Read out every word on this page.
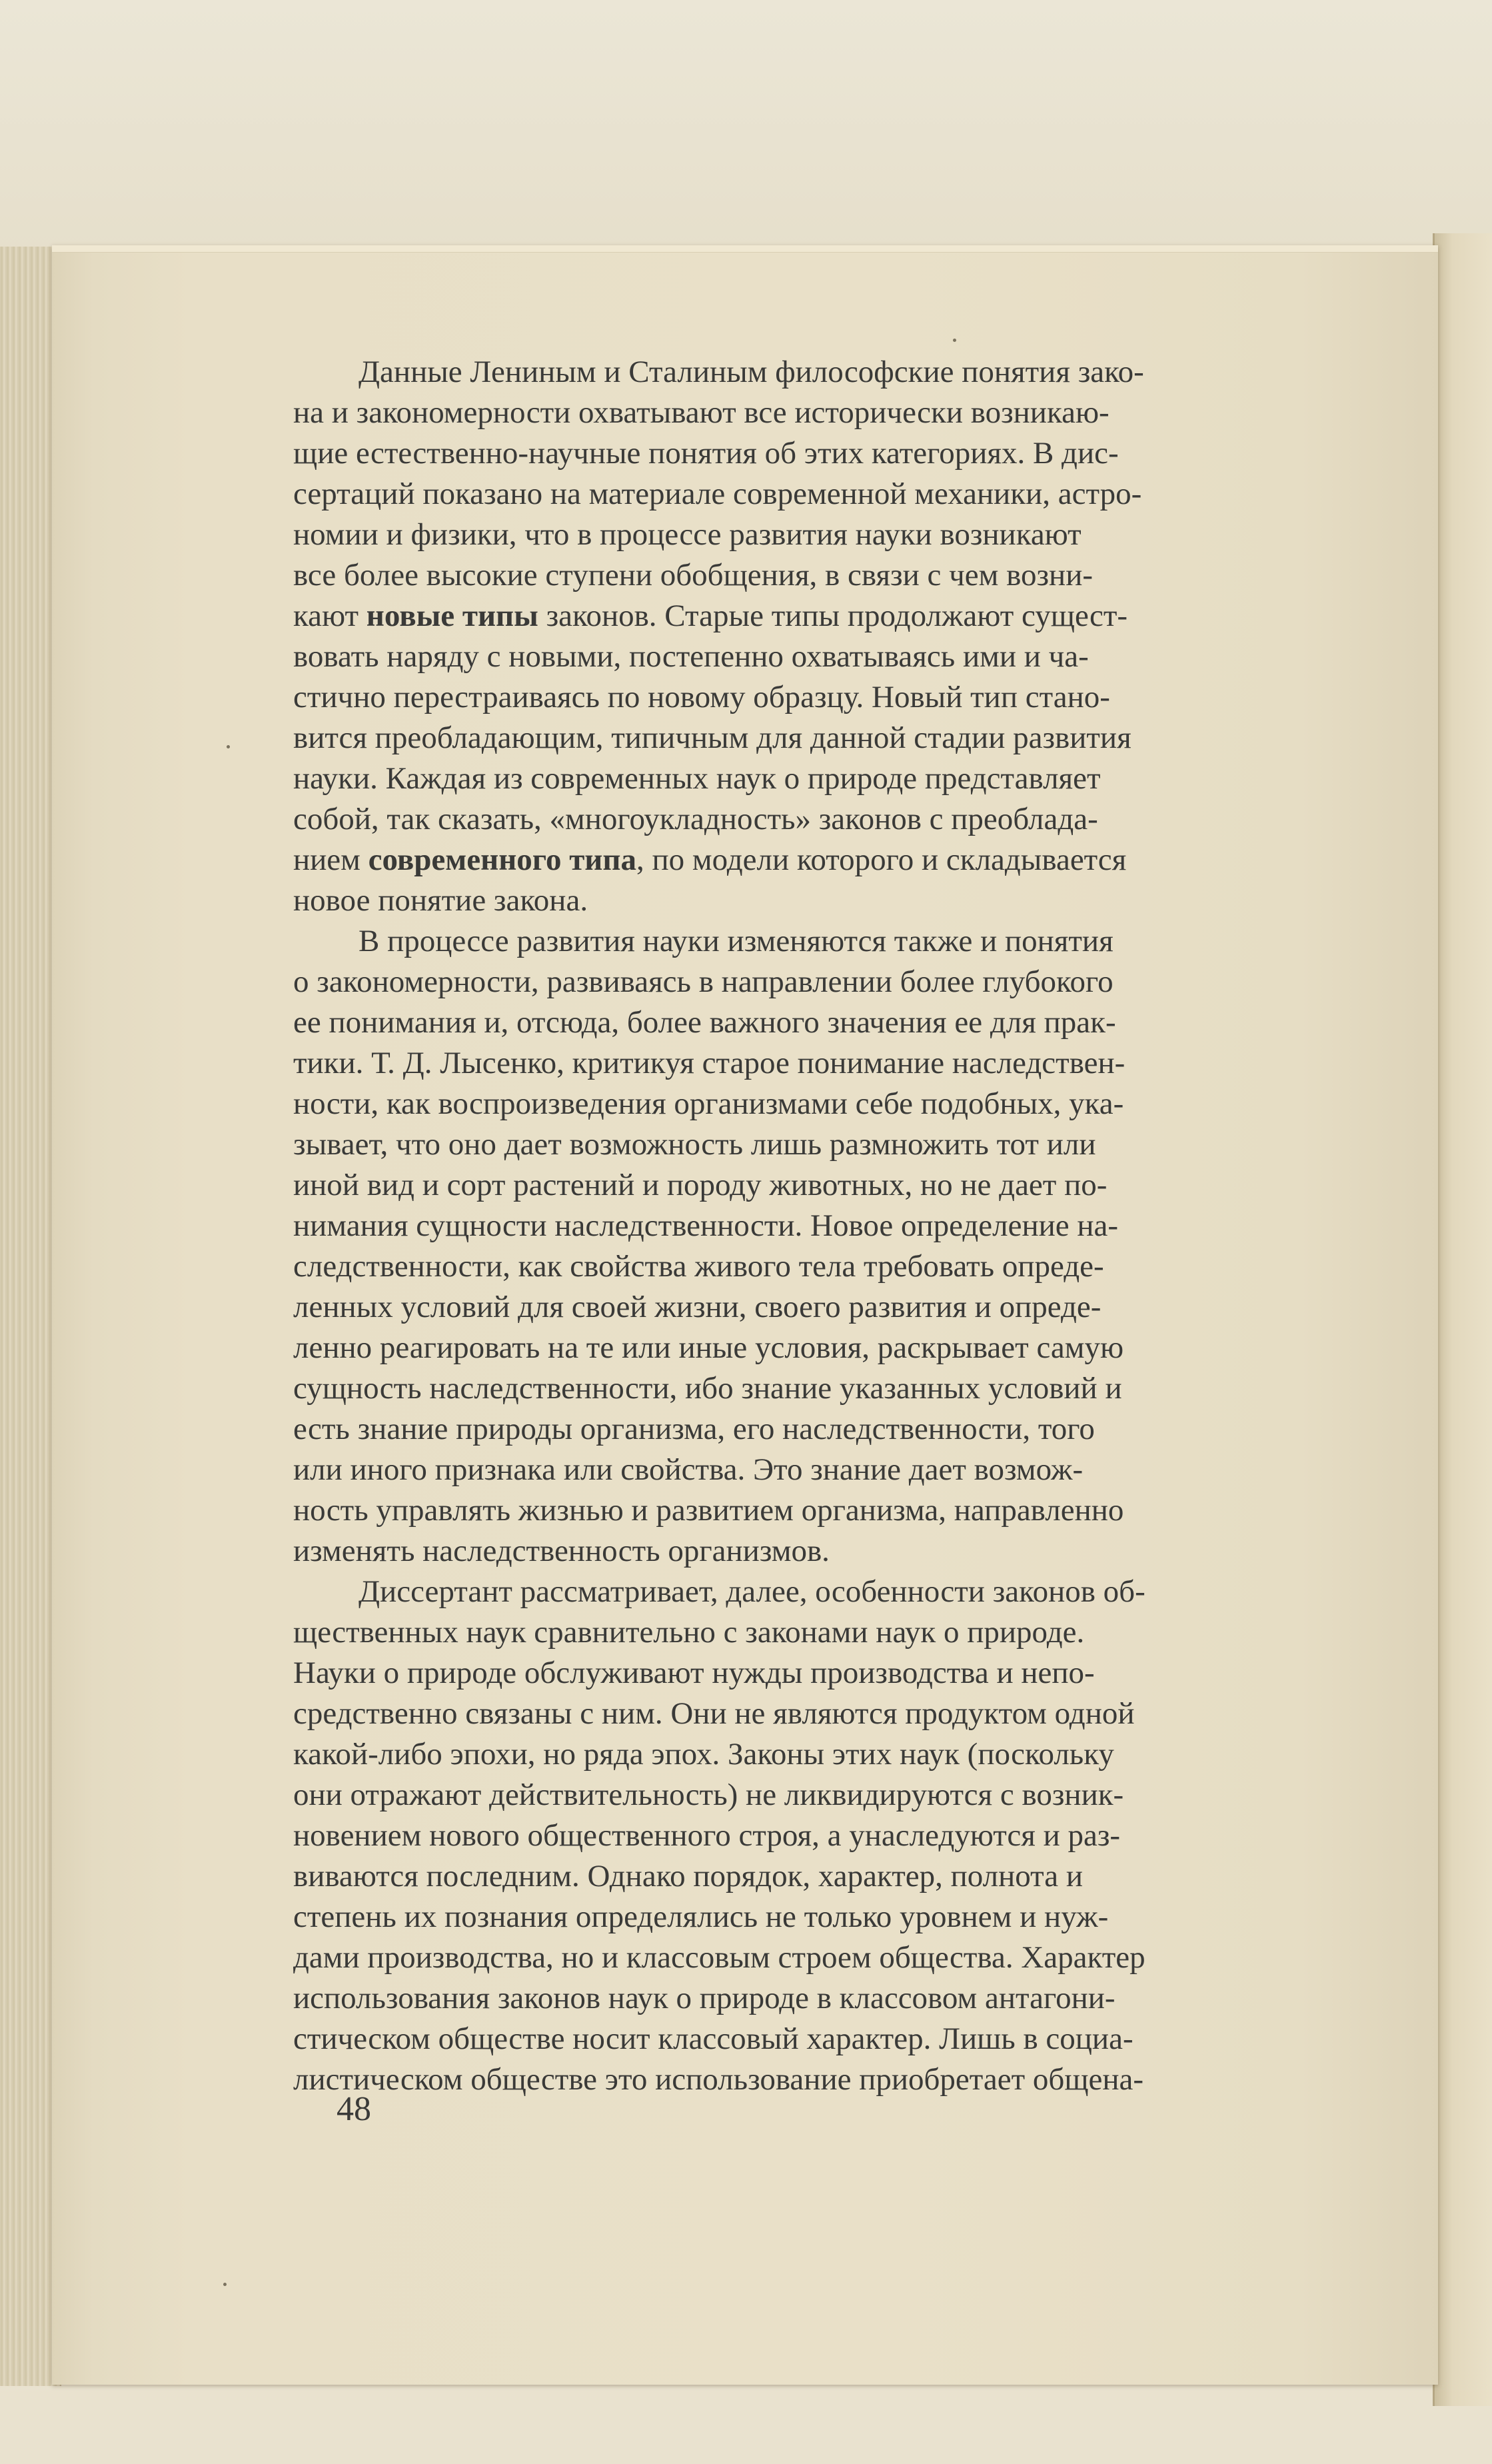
Данные Лениным и Сталиным философские понятия зако-
на и закономерности охватывают все исторически возникаю-
щие естественно-научные понятия об этих категориях. В дис-
сертаций показано на материале современной механики, астро-
номии и физики, что в процессе развития науки возникают
все более высокие ступени обобщения, в связи с чем возни-
кают новые типы законов. Старые типы продолжают сущест-
вовать наряду с новыми, постепенно охватываясь ими и ча-
стично перестраиваясь по новому образцу. Новый тип стано-
вится преобладающим, типичным для данной стадии развития
науки. Каждая из современных наук о природе представляет
собой, так сказать, «многоукладность» законов с преоблада-
нием современного типа, по модели которого и складывается
новое понятие закона.
В процессе развития науки изменяются также и понятия
о закономерности, развиваясь в направлении более глубокого
ее понимания и, отсюда, более важного значения ее для прак-
тики. Т. Д. Лысенко, критикуя старое понимание наследствен-
ности, как воспроизведения организмами себе подобных, ука-
зывает, что оно дает возможность лишь размножить тот или
иной вид и сорт растений и породу животных, но не дает по-
нимания сущности наследственности. Новое определение на-
следственности, как свойства живого тела требовать опреде-
ленных условий для своей жизни, своего развития и опреде-
ленно реагировать на те или иные условия, раскрывает самую
сущность наследственности, ибо знание указанных условий и
есть знание природы организма, его наследственности, того
или иного признака или свойства. Это знание дает возмож-
ность управлять жизнью и развитием организма, направленно
изменять наследственность организмов.
Диссертант рассматривает, далее, особенности законов об-
щественных наук сравнительно с законами наук о природе.
Науки о природе обслуживают нужды производства и непо-
средственно связаны с ним. Они не являются продуктом одной
какой-либо эпохи, но ряда эпох. Законы этих наук (поскольку
они отражают действительность) не ликвидируются с возник-
новением нового общественного строя, а унаследуются и раз-
виваются последним. Однако порядок, характер, полнота и
степень их познания определялись не только уровнем и нуж-
дами производства, но и классовым строем общества. Характер
использования законов наук о природе в классовом антагони-
стическом обществе носит классовый характер. Лишь в социа-
листическом обществе это использование приобретает общена-
48
